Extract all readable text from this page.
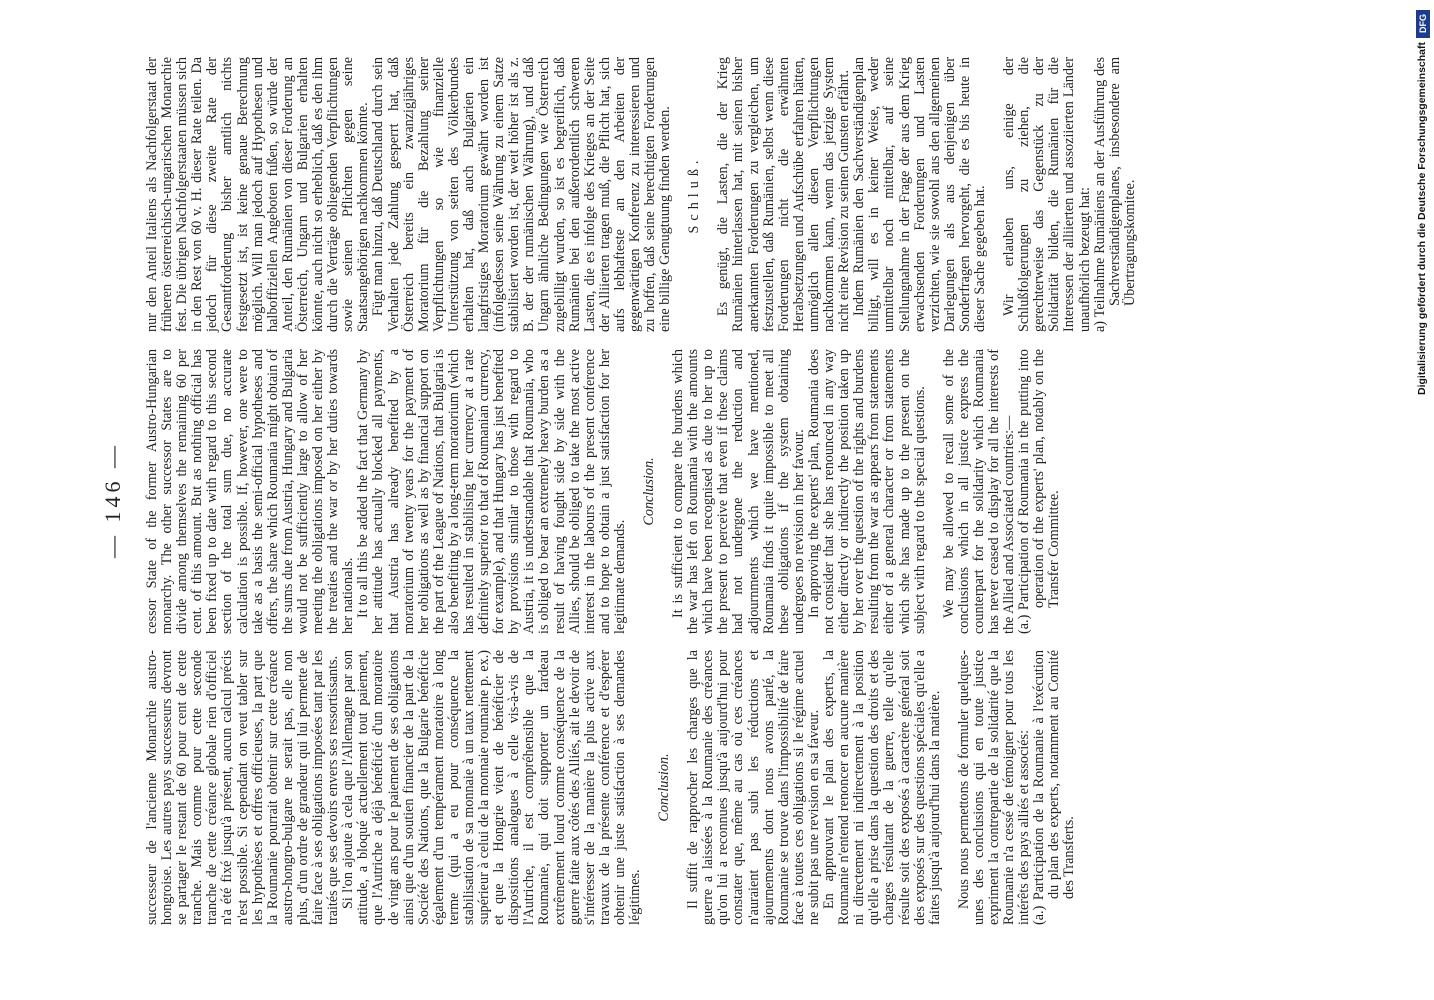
— 146 —

successeur de l'ancienne Monarchie austro-hongroise. Les autres pays successeurs devront se partager le restant de 60 pour cent de cette tranche. Mais comme pour cette seconde tranche de cette créance globale rien d'officiel n'a été fixé jusqu'à présent, aucun calcul précis n'est possible. Si cependant on veut tabler sur les hypothèses et offres officieuses, la part que la Roumanie pourrait obtenir sur cette créance austro-hongro-bulgare ne serait pas, elle non plus, d'un ordre de grandeur qui lui permette de faire face à ses obligations imposées tant par les traités que ses devoirs envers ses ressortissants. Si l'on ajoute à cela que l'Allemagne par son attitude, a bloqué actuellement tout paiement, que l'Autriche a déjà bénéficié d'un moratoire de vingt ans pour le paiement de ses obligations ainsi que d'un soutien financier de la part de la Société des Nations, que la Bulgarie bénéficie également d'un tempérament moratoire à long terme (qui a eu pour conséquence la stabilisation de sa monnaie à un taux nettement supérieur à celui de la monnaie roumaine p. ex.) et que la Hongrie vient de bénéficier de dispositions analogues à celle vis-à-vis de l'Autriche, il est compréhensible que la Roumanie, qui doit supporter un fardeau extrêmement lourd comme conséquence de la guerre faite aux côtés des Alliés, ait le devoir de s'intéresser de la manière la plus active aux travaux de la présente conférence et d'espérer obtenir une juste satisfaction à ses demandes légitimes.

Conclusion. Il suffit de rapprocher les charges que la guerre a laissées à la Roumanie des créances qu'on lui a reconnues jusqu'à aujourd'hui pour constater que, même au cas où ces créances n'auraient pas subi les réductions et ajournements dont nous avons parlé, la Roumanie se trouve dans l'impossibilité de faire face à toutes ces obligations si le régime actuel ne subit pas une revision en sa faveur. En approuvant le plan des experts, la Roumanie n'entend renoncer en aucune manière ni directement ni indirectement à la position qu'elle a prise dans la question des droits et des charges résultant de la guerre, telle qu'elle résulte soit des exposés à caractère général soit des exposés sur des questions spéciales qu'elle a faites jusqu'à aujourd'hui dans la matière. Nous nous permettons de formuler quelques-unes des conclusions qui en toute justice expriment la contrepartie de la solidarité que la Roumanie n'a cessé de témoigner pour tous les intérêts des pays alliés et associés: (a.) Participation de la Roumanie à l'exécution du plan des experts, notamment au Comité des Transferts.

cessor State of the former Austro-Hungarian monarchy. The other successor States are to divide among themselves the remaining 60 per cent. of this amount. But as nothing official has been fixed up to date with regard to this second section of the total sum due, no accurate calculation is possible. If, however, one were to take as a basis the semi-official hypotheses and offers, the share which Roumania might obtain of the sums due from Austria, Hungary and Bulgaria would not be sufficiently large to allow of her meeting the obligations imposed on her either by the treaties and the war or by her duties towards her nationals. It to all this be added the fact that Germany by her attitude has actually blocked all payments, that Austria has already benefited by a moratorium of twenty years for the payment of her obligations as well as by financial support on the part of the League of Nations, that Bulgaria is also benefiting by a long-term moratorium (which has resulted in stabilising her currency at a rate definitely superior to that of Roumanian currency, for example), and that Hungary has just benefited by provisions similar to those with regard to Austria, it is understandable that Roumania, who is obliged to bear an extremely heavy burden as a result of having fought side by side with the Allies, should be obliged to take the most active interest in the labours of the present conference and to hope to obtain a just satisfaction for her legitimate demands.

Conclusion. It is sufficient to compare the burdens which the war has left on Roumania with the amounts which have been recognised as due to her up to the present to perceive that even if these claims had not undergone the reduction and adjournments which we have mentioned, Roumania finds it quite impossible to meet all these obligations if the system obtaining undergoes no revision in her favour. In approving the experts' plan, Roumania does not consider that she has renounced in any way either directly or indirectly the position taken up by her over the question of the rights and burdens resulting from the war as appears from statements either of a general character or from statements which she has made up to the present on the subject with regard to the special questions. We may be allowed to recall some of the conclusions which in all justice express the counterpart for the solidarity which Roumania has never ceased to display for all the interests of the Allied and Associated countries:— (a.) Participation of Roumania in the putting into operation of the experts' plan, notably on the Transfer Committee.

nur den Anteil Italiens als Nachfolgerstaat der früheren österreichisch-ungarischen Monarchie fest. Die übrigen Nachfolgerstaaten müssen sich in den Rest von 60 v. H. dieser Rate teilen. Da jedoch für diese zweite Rate der Gesamtforderung bisher amtlich nichts festgesetzt ist, ist keine genaue Berechnung möglich. Will man jedoch auf Hypothesen und halboffiziellen Angeboten fußen, so würde der Anteil, den Rumänien von dieser Forderung an Österreich, Ungarn und Bulgarien erhalten könnte, auch nicht so erheblich, daß es den ihm durch die Verträge obliegenden Verpflichtungen sowie seinen Pflichten gegen seine Staatsangehörigen nachkommen könnte. Fügt man hinzu, daß Deutschland durch sein Verhalten jede Zahlung gesperrt hat, daß Österreich bereits ein zwanzigjähriges Moratorium für die Bezahlung seiner Verpflichtungen so wie finanzielle Unterstützung von seiten des Völkerbundes erhalten hat, daß auch Bulgarien ein langfristiges Moratorium gewährt worden ist (infolgedessen seine Währung zu einem Satze stabilisiert worden ist, der weit höher ist als z. B. der der rumänischen Währung), und daß Ungarn ähnliche Bedingungen wie Österreich zugebilligt wurden, so ist es begreiflich, daß Rumänien bei den außerordentlich schweren Lasten, die es infolge des Krieges an der Seite der Alliierten tragen muß, die Pflicht hat, sich aufs lebhafteste an den Arbeiten der gegenwärtigen Konferenz zu interessieren und zu hoffen, daß seine berechtigten Forderungen eine billige Genugtuung finden werden. Schluß. Es genügt, die Lasten, die der Krieg Rumänien hinterlassen hat, mit seinen bisher anerkannten Forderungen zu vergleichen, um festzustellen, daß Rumänien, selbst wenn diese Forderungen nicht die erwähnten Herabsetzungen und Aufschübe erfahren hätten, unmöglich allen diesen Verpflichtungen nachkommen kann, wenn das jetzige System nicht eine Revision zu seinen Gunsten erfährt. Indem Rumänien den Sachverständigenplan billigt, will es in keiner Weise, weder unmittelbar noch mittelbar, auf seine Stellungnahme in der Frage der aus dem Krieg erwachsenden Forderungen und Lasten verzichten, wie sie sowohl aus den allgemeinen Darlegungen als aus denjenigen über Sonderfragen hervorgeht, die es bis heute in dieser Sache gegeben hat. Wir erlauben uns, einige der Schlußfolgerungen zu ziehen, die gerechterweise das Gegenstück zu der Solidarität bilden, die Rumänien für die Interessen der alliierten und assoziierten Länder unaufhörlich bezeugt hat: a) Teilnahme Rumäniens an der Ausführung des Sachverständigenplanes, insbesondere am Übertragungskomitee.

DFG
Digitalisierung gefördert durch die Deutsche Forschungsgemeinschaft
